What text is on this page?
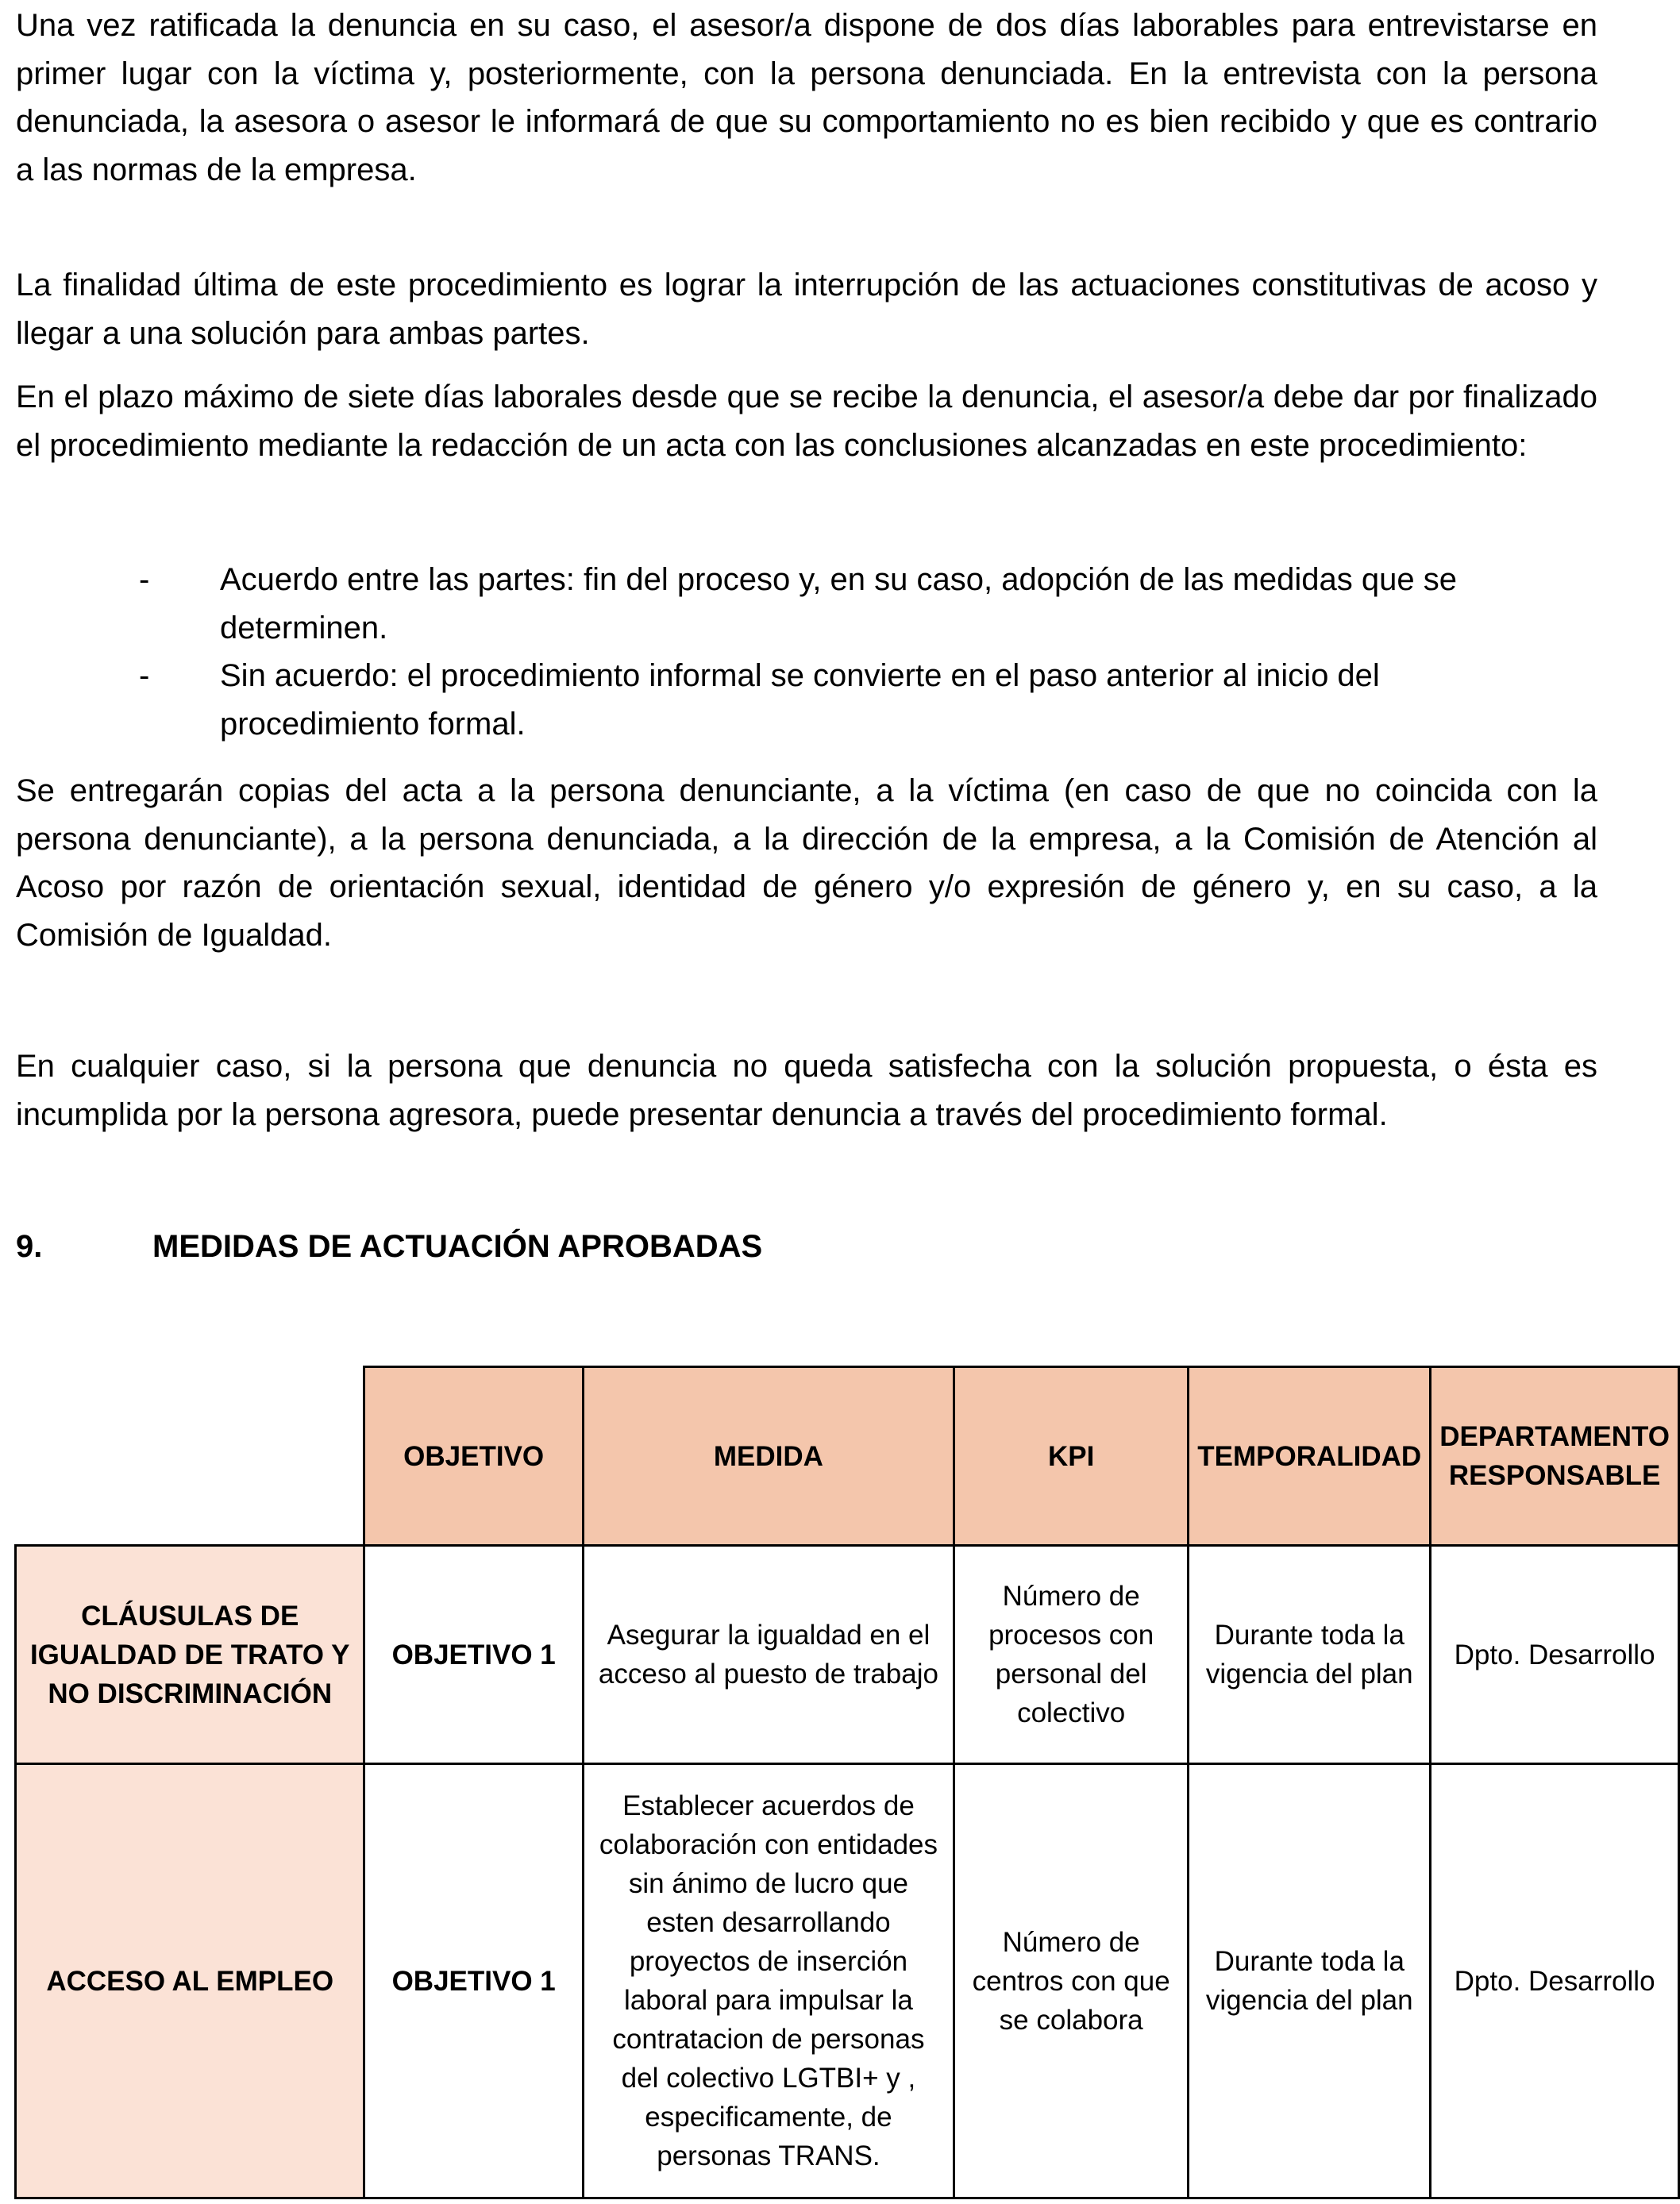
Una vez ratificada la denuncia en su caso, el asesor/a dispone de dos días laborables para entrevistarse en primer lugar con la víctima y, posteriormente, con la persona denunciada. En la entrevista con la persona denunciada, la asesora o asesor le informará de que su comportamiento no es bien recibido y que es contrario a las normas de la empresa.

La finalidad última de este procedimiento es lograr la interrupción de las actuaciones constitutivas de acoso y llegar a una solución para ambas partes.

En el plazo máximo de siete días laborales desde que se recibe la denuncia, el asesor/a debe dar por finalizado el procedimiento mediante la redacción de un acta con las conclusiones alcanzadas en este procedimiento:

- Acuerdo entre las partes: fin del proceso y, en su caso, adopción de las medidas que se determinen.
- Sin acuerdo: el procedimiento informal se convierte en el paso anterior al inicio del procedimiento formal.

Se entregarán copias del acta a la persona denunciante, a la víctima (en caso de que no coincida con la persona denunciante), a la persona denunciada, a la dirección de la empresa, a la Comisión de Atención al Acoso por razón de orientación sexual, identidad de género y/o expresión de género y, en su caso, a la Comisión de Igualdad.

En cualquier caso, si la persona que denuncia no queda satisfecha con la solución propuesta, o ésta es incumplida por la persona agresora, puede presentar denuncia a través del procedimiento formal.

9.	MEDIDAS DE ACTUACIÓN APROBADAS
	OBJETIVO	MEDIDA	KPI	TEMPORALIDAD	DEPARTAMENTO RESPONSABLE
CLÁUSULAS DE IGUALDAD DE TRATO Y NO DISCRIMINACIÓN	OBJETIVO 1	Asegurar la igualdad en el acceso al puesto de trabajo	Número de procesos con personal del colectivo	Durante toda la vigencia del plan	Dpto. Desarrollo
ACCESO AL EMPLEO	OBJETIVO 1	Establecer acuerdos de colaboración con entidades sin ánimo de lucro que esten desarrollando proyectos de inserción laboral para impulsar la contratacion de personas del colectivo LGTBI+ y , especificamente, de personas TRANS.	Número de centros con que se colabora	Durante toda la vigencia del plan	Dpto. Desarrollo
